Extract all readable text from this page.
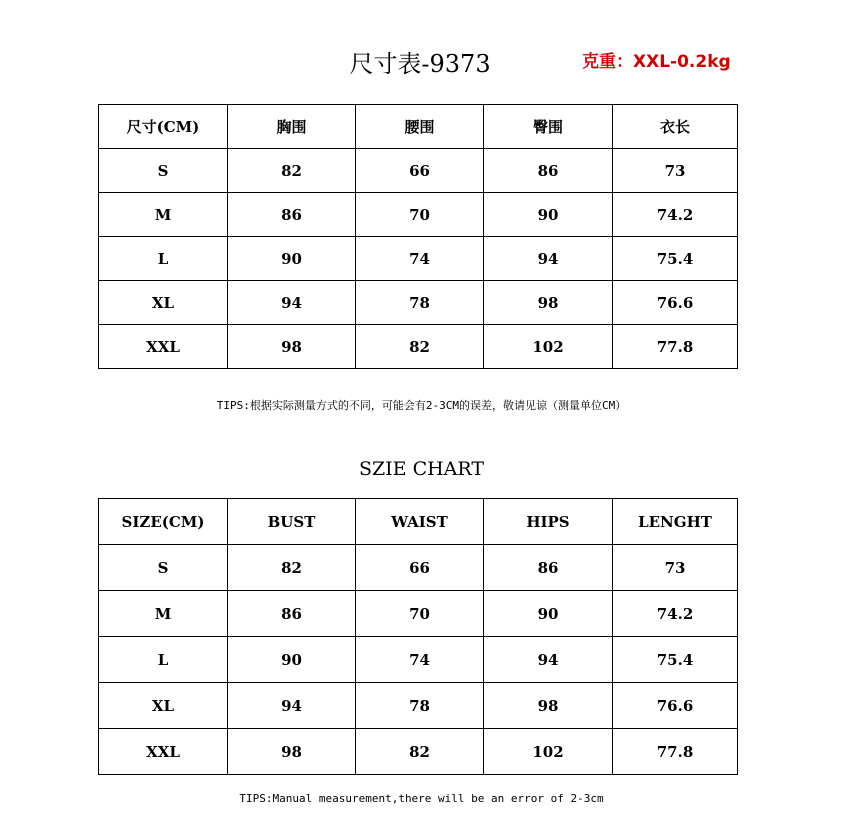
尺寸表-9373	克重：XXL-0.2kg
尺寸(CM)	胸围	腰围	臀围	衣长
S	82	66	86	73
M	86	70	90	74.2
L	90	74	94	75.4
XL	94	78	98	76.6
XXL	98	82	102	77.8
TIPS:根据实际测量方式的不同，可能会有2-3CM的误差，敬请见谅（测量单位CM）
SZIE CHART
SIZE(CM)	BUST	WAIST	HIPS	LENGHT
S	82	66	86	73
M	86	70	90	74.2
L	90	74	94	75.4
XL	94	78	98	76.6
XXL	98	82	102	77.8
TIPS:Manual measurement,there will be an error of 2-3cm
